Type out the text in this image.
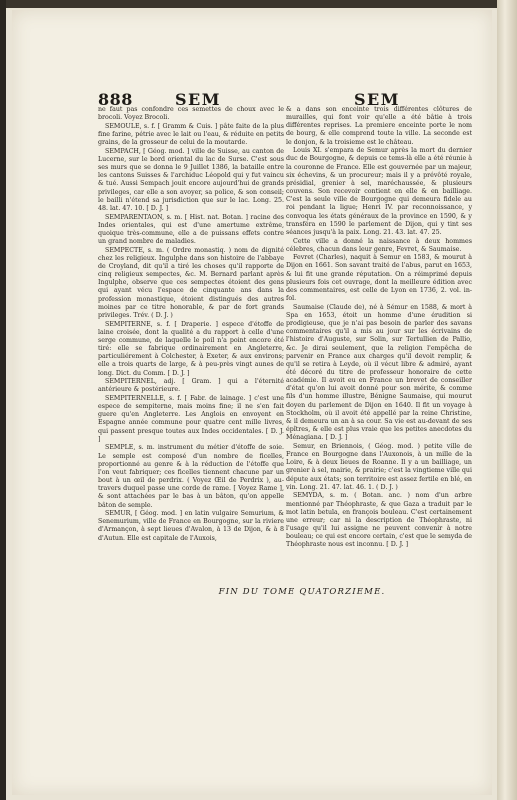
888	SEM	SEM

ne faut pas confondre ces semettes de choux avec le brocoli. Voyez Brocoli.

SEMOULE, s. f. [ Gramm & Cuis. ] pâte faite de la plus fine farine, pétrie avec le lait ou l'eau, & réduite en petits grains, de la grosseur de celui de la moutarde.

SEMPACH, [ Géog. mod. ] ville de Suisse, au canton de Lucerne, sur le bord oriental du lac de Surse. C'est sous ses murs que se donna le 9 Juillet 1386, la bataille entre les cantons Suisses & l'archiduc Léopold qui y fut vaincu & tué. Aussi Sempach jouit encore aujourd'hui de grands privileges, car elle a son avoyer, sa police, & son conseil; le bailli n'étend sa jurisdiction que sur le lac. Long. 25. 48. lat. 47. 10. [ D. J. ]

SEMPARENTAON, s. m. [ Hist. nat. Botan. ] racine des Indes orientales, qui est d'une amertume extrême, quoique très-commune, elle a de puissans effets contre un grand nombre de maladies.

SEMPECTE, s. m. ( Ordre monastiq. ) nom de dignité chez les religieux. Ingulphe dans son histoire de l'abbaye de Croyland, dit qu'il a tiré les choses qu'il rapporte de cinq religieux sempectes, &c. M. Bernard parlant après Ingulphe, observe que ces sempectes étoient des gens qui ayant vécu l'espace de cinquante ans dans la profession monastique, étoient distingués des autres moines par ce titre honorable, & par de fort grands privileges. Trév. ( D. J. )

SEMPITERNE, s. f. [ Draperie. ] espece d'étoffe de laine croisée, dont la qualité a du rapport à celle d'une serge commune, de laquelle le poil n'a point encore été tiré: elle se fabrique ordinairement en Angleterre, particuliérement à Colchester, à Exeter, & aux environs; elle a trois quarts de large, & à peu-près vingt aunes de long. Dict. du Comm. [ D. J. ]

SEMPITERNEL, adj. [ Gram. ] qui a l'éternité antérieure & postérieure.

SEMPITERNELLE, s. f. [ Fabr. de lainage. ] c'est une espece de sempiterne, mais moins fine; il ne s'en fait guere qu'en Angleterre. Les Anglois en envoyent en Espagne année commune pour quatre cent mille livres, qui passent presque toutes aux Indes occidentales. [ D. J. ]

SEMPLE, s. m. instrument du métier d'étoffe de soie. Le semple est composé d'un nombre de ficelles, proportionné au genre & à la réduction de l'étoffe que l'on veut fabriquer; ces ficelles tiennent chacune par un bout à un œil de perdrix. ( Voyez Œil de Perdrix ), au-travers duquel passe une corde de rame. [ Voyez Rame ], & sont attachées par le bas à un bâton, qu'on appelle bâton de semple.

SEMUR, [ Géog. mod. ] en latin vulgaire Semurium, & Senemurium, ville de France en Bourgogne, sur la riviere d'Armançon, à sept lieues d'Avalon, à 13 de Dijon, & à 8 d'Autun. Elle est capitale de l'Auxois,

& a dans son enceinte trois différentes clôtures de murailles, qui font voir qu'elle a été bâtie à trois différentes reprises. La premiere enceinte porte le nom de bourg, & elle comprend toute la ville. La seconde est le donjon, & la troisieme est le château.

Louis XI. s'empara de Semur après la mort du dernier duc de Bourgogne, & depuis ce tems-là elle a été réunie à la couronne de France. Elle est gouvernée par un majeur, six échevins, & un procureur; mais il y a prévôté royale, présidial, grenier à sel, maréchaussée, & plusieurs couvens. Son recevoir contient en elle & en bailliage. C'est la seule ville de Bourgogne qui demeura fidele au roi pendant la ligue; Henri IV. par reconnoissance, y convoqua les états généraux de la province en 1590, & y transféra en 1590 le parlement de Dijon, qui y tint ses séances jusqu'à la paix. Long. 21. 43. lat. 47. 25.

Cette ville a donné la naissance à deux hommes célebres, chacun dans leur genre, Fevret, & Saumaise.

Fevret (Charles), naquit à Semur en 1583, & mourut à Dijon en 1661. Son savant traité de l'abus, parut en 1653, & lui fit une grande réputation. On a réimprimé depuis plusieurs fois cet ouvrage, dont la meilleure édition avec des commentaires, est celle de Lyon en 1736, 2. vol. in-fol.

Saumaise (Claude de), né à Sémur en 1588, & mort à Spa en 1653, étoit un homme d'une érudition si prodigieuse, que je n'ai pas besoin de parler des savans commentaires qu'il a mis au jour sur les écrivains de l'histoire d'Auguste, sur Solin, sur Tertullien de Pallio, &c. Je dirai seulement, que la religion l'empêcha de parvenir en France aux charges qu'il devoit remplir, & qu'il se retira à Leyde, où il vécut libre & admiré, ayant été décoré du titre de professeur honoraire de cette académie. Il avoit eu en France un brevet de conseiller d'état qu'on lui avoit donné pour son mérite, & comme fils d'un homme illustre, Bénigne Saumaise, qui mourut doyen du parlement de Dijon en 1640. Il fit un voyage à Stockholm, où il avoit été appellé par la reine Christine, & il demeura un an à sa cour. Sa vie est au-devant de ses épîtres, & elle est plus vraie que les petites anecdotes du Ménagiana. [ D. J. ]

Semur, en Briennois, ( Géog. mod. ) petite ville de France en Bourgogne dans l'Auxonois, à un mille de la Loire, & à deux lieues de Roanne. Il y a un bailliage, un grenier à sel, mairie, & prairie; c'est la vingtieme ville qui députe aux états; son territoire est assez fertile en blé, en vin. Long. 21. 47. lat. 46. 1. ( D. J. )

SEMYDA, s. m. ( Botan. anc. ) nom d'un arbre mentionné par Théophraste, & que Gaza a traduit par le mot latin betula, en françois bouleau. C'est certainement une erreur; car ni la description de Théophraste, ni l'usage qu'il lui assigne ne peuvent convenir à notre bouleau; ce qui est encore certain, c'est que le semyda de Théophraste nous est inconnu. [ D. J. ]

FIN DU TOME QUATORZIEME.
